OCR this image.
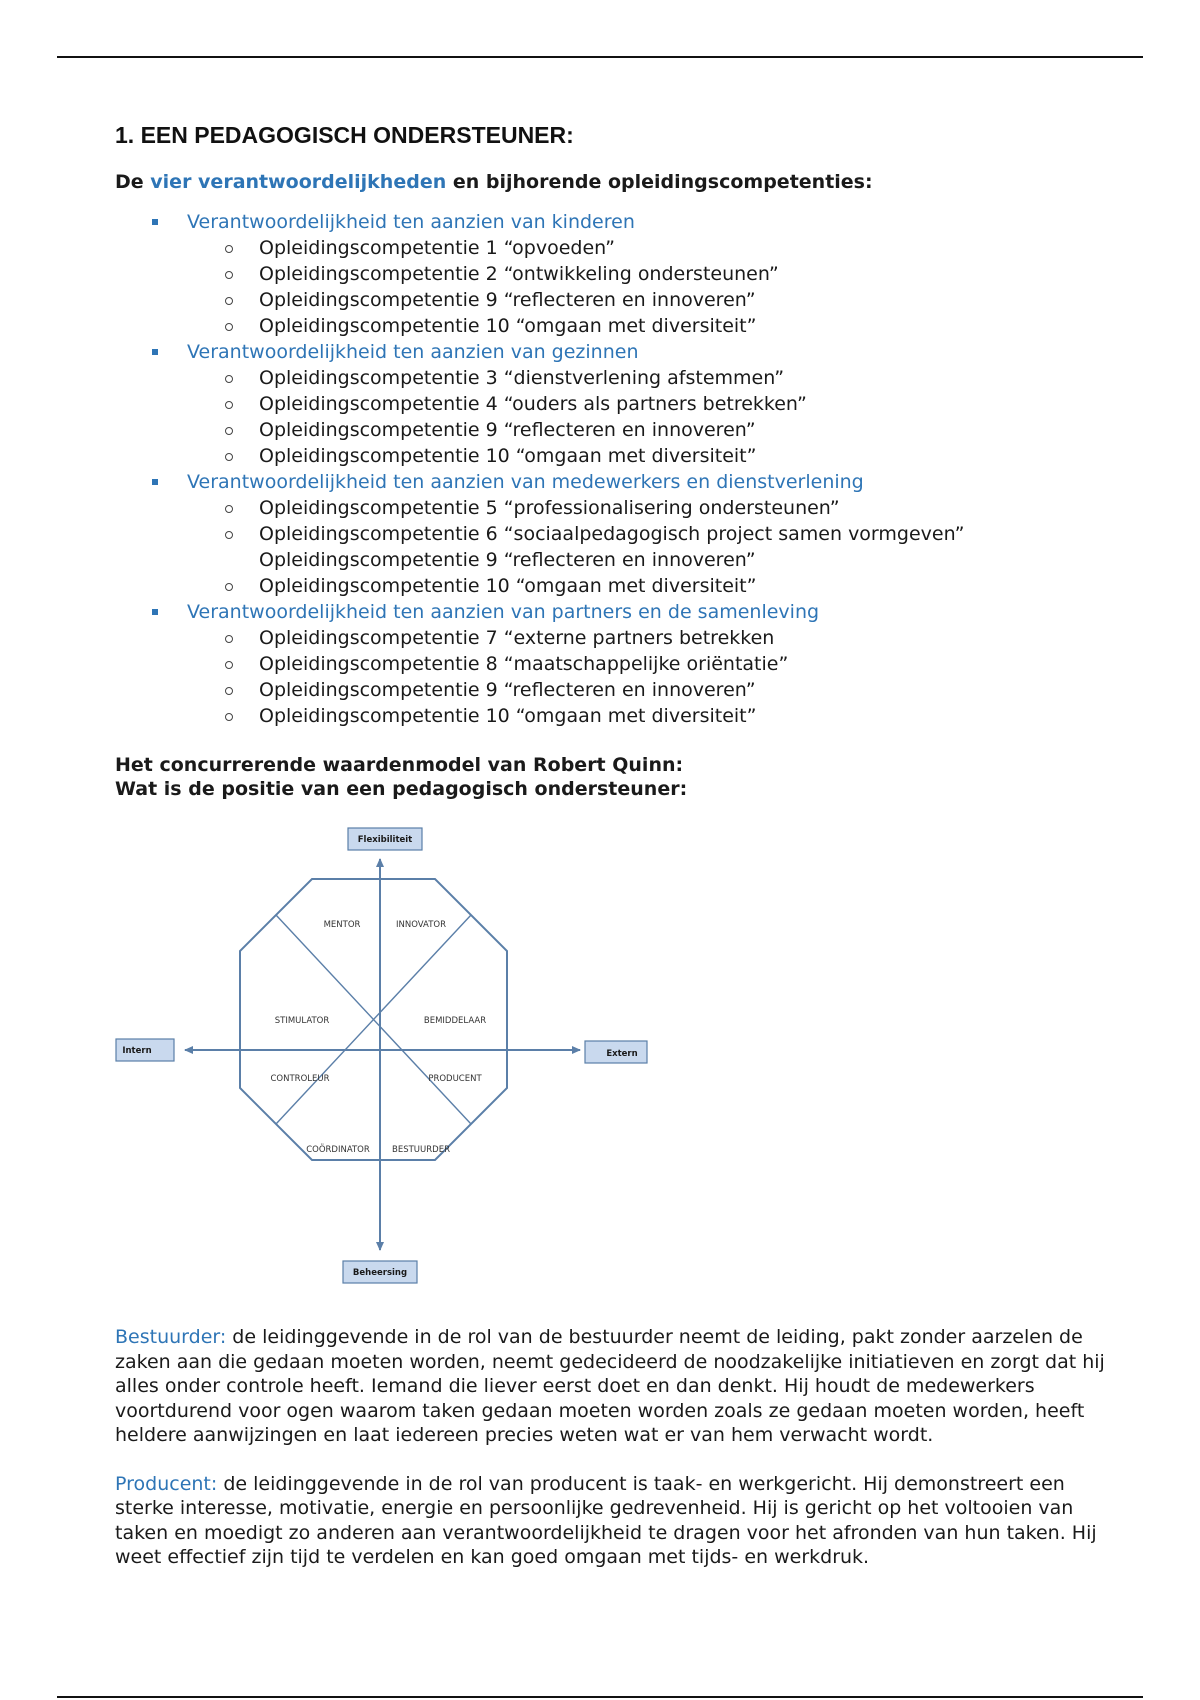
1. EEN PEDAGOGISCH ONDERSTEUNER:

De vier verantwoordelijkheden en bijhorende opleidingscompetenties:

Verantwoordelijkheid ten aanzien van kinderen
Opleidingscompetentie 1 “opvoeden”
Opleidingscompetentie 2 “ontwikkeling ondersteunen”
Opleidingscompetentie 9 “reflecteren en innoveren”
Opleidingscompetentie 10 “omgaan met diversiteit”
Verantwoordelijkheid ten aanzien van gezinnen
Opleidingscompetentie 3 “dienstverlening afstemmen”
Opleidingscompetentie 4 “ouders als partners betrekken”
Opleidingscompetentie 9 “reflecteren en innoveren”
Opleidingscompetentie 10 “omgaan met diversiteit”
Verantwoordelijkheid ten aanzien van medewerkers en dienstverlening
Opleidingscompetentie 5 “professionalisering ondersteunen”
Opleidingscompetentie 6 “sociaalpedagogisch project samen vormgeven”
Opleidingscompetentie 9 “reflecteren en innoveren”
Opleidingscompetentie 10 “omgaan met diversiteit”
Verantwoordelijkheid ten aanzien van partners en de samenleving
Opleidingscompetentie 7 “externe partners betrekken
Opleidingscompetentie 8 “maatschappelijke oriëntatie”
Opleidingscompetentie 9 “reflecteren en innoveren”
Opleidingscompetentie 10 “omgaan met diversiteit”
Het concurrerende waardenmodel van Robert Quinn:
Wat is de positie van een pedagogisch ondersteuner:
Flexibiliteit
Beheersing
Intern	Extern
MENTOR	INNOVATOR
STIMULATOR	BEMIDDELAAR
CONTROLEUR	PRODUCENT
COÖRDINATOR	BESTUURDER

Bestuurder: de leidinggevende in de rol van de bestuurder neemt de leiding, pakt zonder aarzelen de zaken aan die gedaan moeten worden, neemt gedecideerd de noodzakelijke initiatieven en zorgt dat hij alles onder controle heeft. Iemand die liever eerst doet en dan denkt. Hij houdt de medewerkers voortdurend voor ogen waarom taken gedaan moeten worden zoals ze gedaan moeten worden, heeft heldere aanwijzingen en laat iedereen precies weten wat er van hem verwacht wordt.

Producent: de leidinggevende in de rol van producent is taak- en werkgericht. Hij demonstreert een sterke interesse, motivatie, energie en persoonlijke gedrevenheid. Hij is gericht op het voltooien van taken en moedigt zo anderen aan verantwoordelijkheid te dragen voor het afronden van hun taken. Hij weet effectief zijn tijd te verdelen en kan goed omgaan met tijds- en werkdruk.
